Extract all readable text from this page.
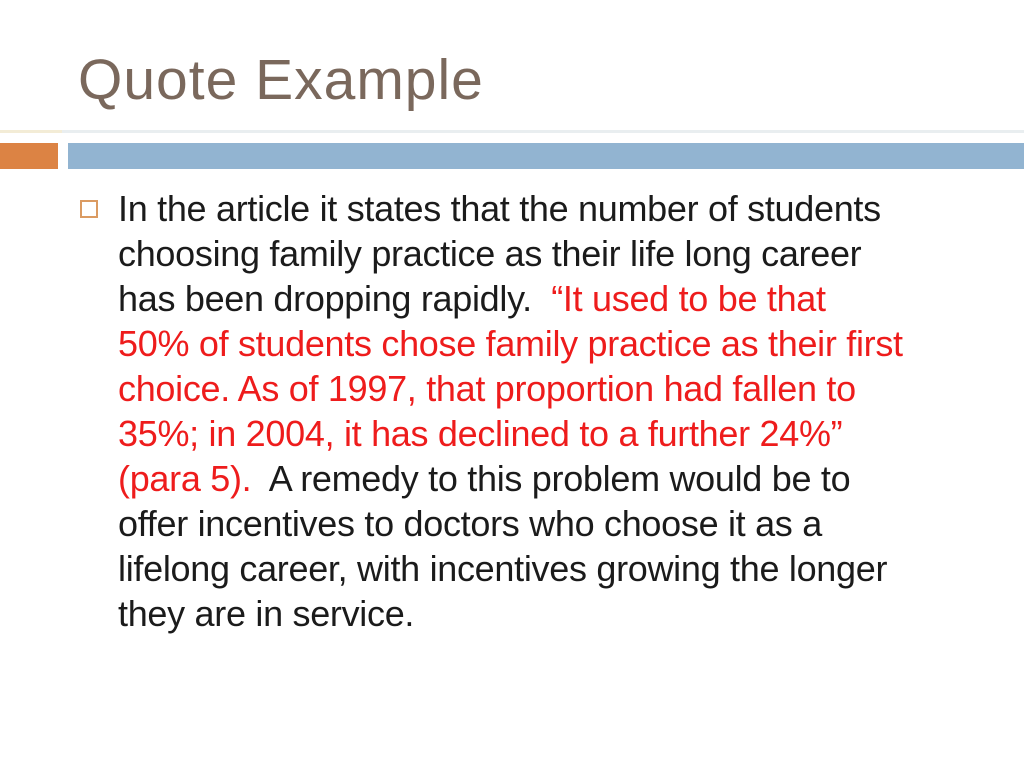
Quote Example
In the article it states that the number of students
choosing family practice as their life long career
has been dropping rapidly.  “It used to be that
50% of students chose family practice as their first
choice. As of 1997, that proportion had fallen to
35%; in 2004, it has declined to a further 24%”
(para 5).  A remedy to this problem would be to
offer incentives to doctors who choose it as a
lifelong career, with incentives growing the longer
they are in service.
